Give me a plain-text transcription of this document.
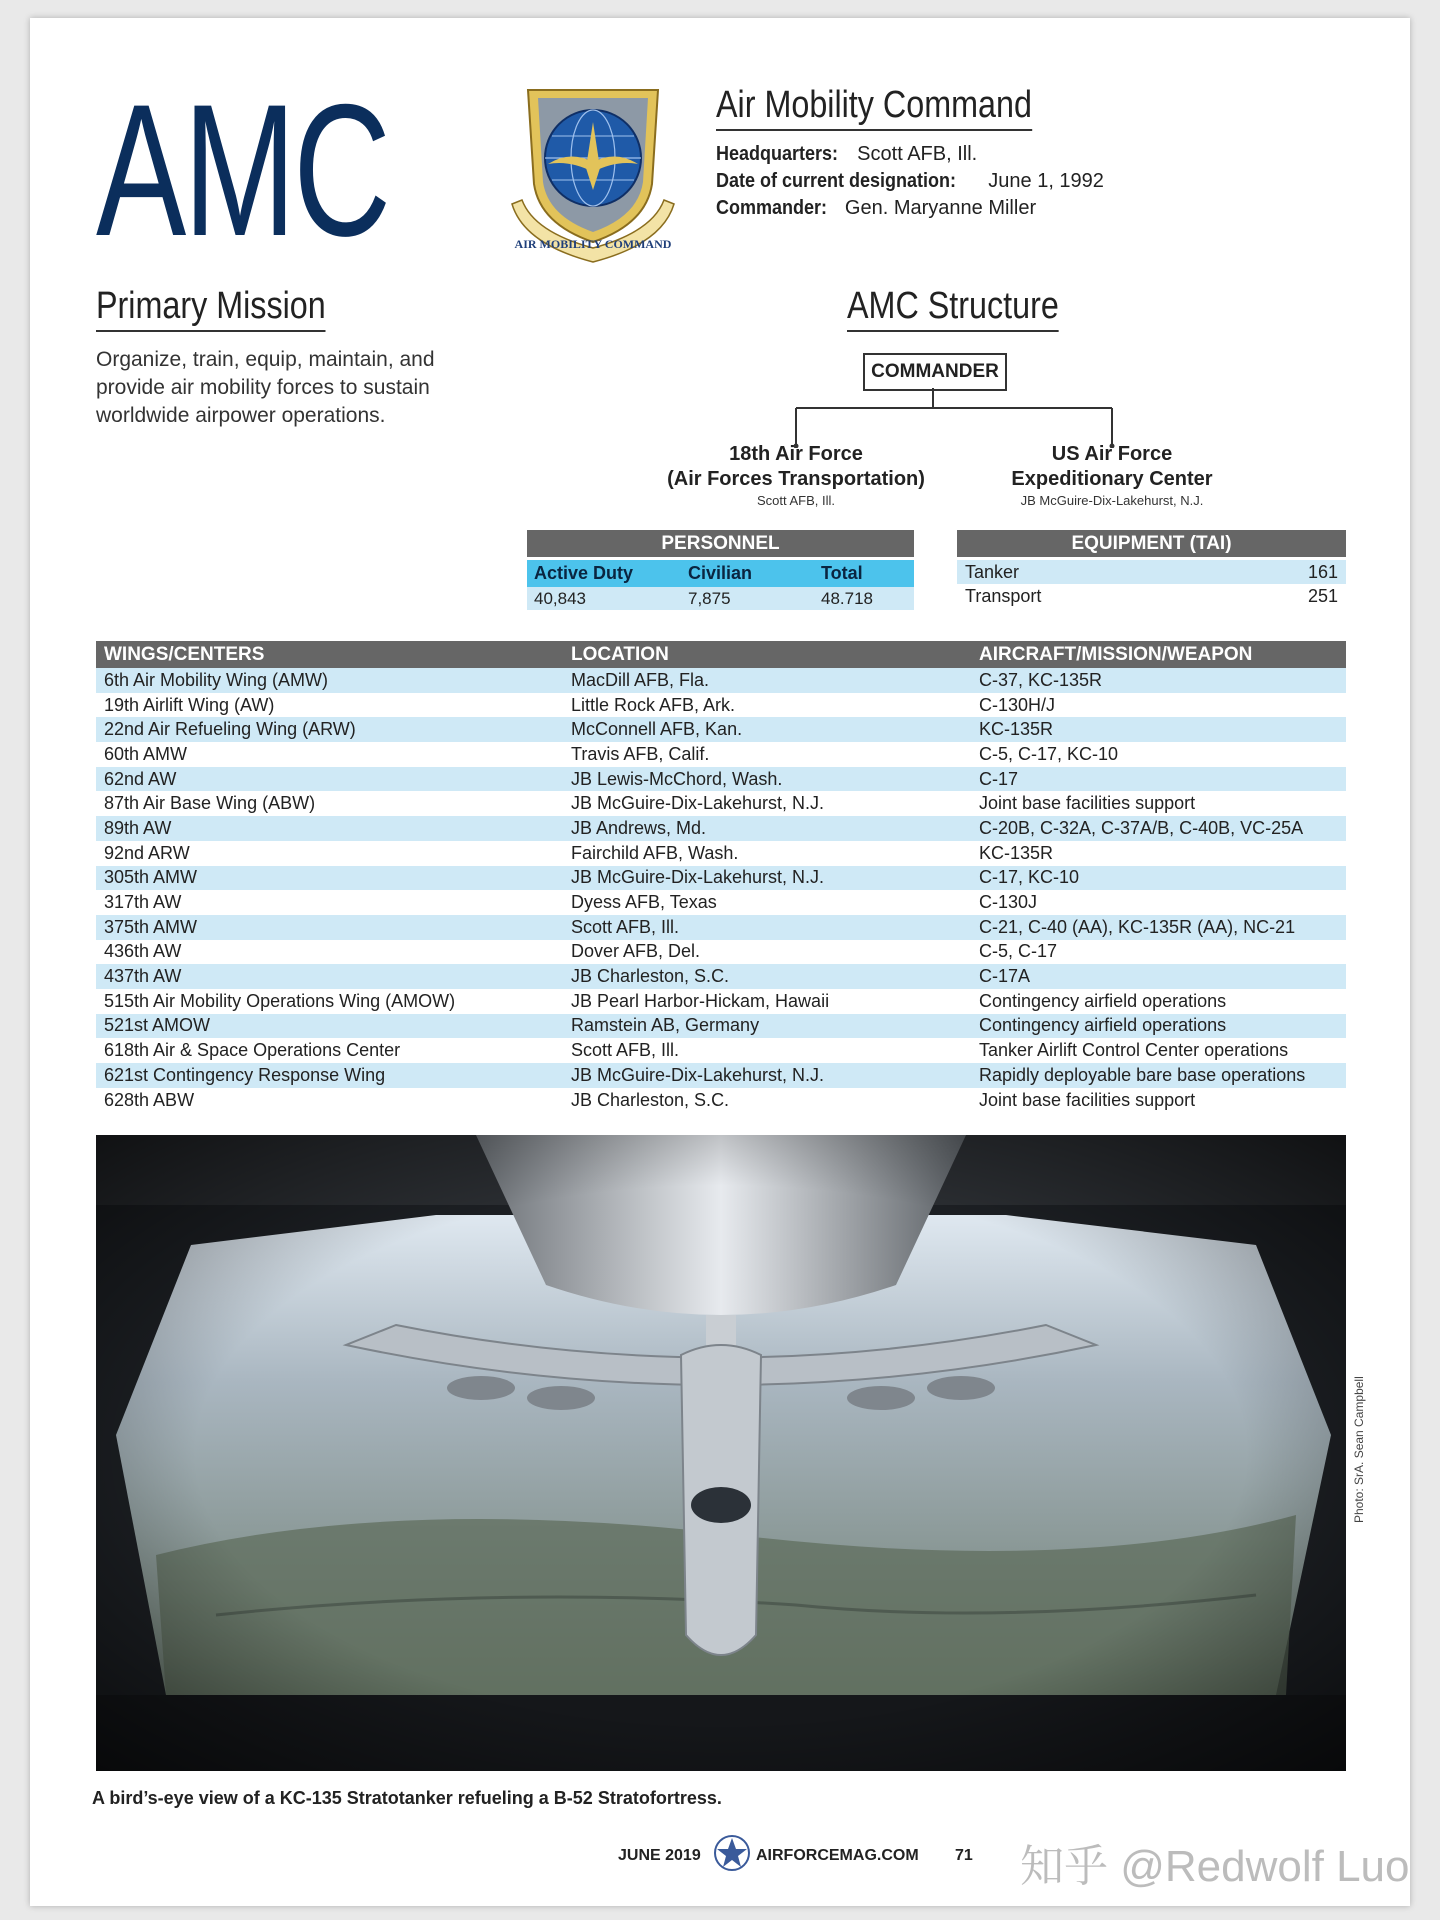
AMC	AIR MOBILITY COMMAND
Air Mobility Command
Headquarters: Scott AFB, Ill.
Date of current designation: June 1, 1992
Commander: Gen. Maryanne Miller
Primary Mission
Organize, train, equip, maintain, and provide air mobility forces to sustain worldwide airpower operations.
AMC Structure
COMMANDER
18th Air Force
(Air Forces Transportation)
Scott AFB, Ill.
US Air Force
Expeditionary Center
JB McGuire-Dix-Lakehurst, N.J.
PERSONNEL
Active Duty	Civilian	Total
40,843	7,875	48.718
EQUIPMENT (TAI)
Tanker	161
Transport	251
WINGS/CENTERS	LOCATION	AIRCRAFT/MISSION/WEAPON
6th Air Mobility Wing (AMW)	MacDill AFB, Fla.	C-37, KC-135R
19th Airlift Wing (AW)	Little Rock AFB, Ark.	C-130H/J
22nd Air Refueling Wing (ARW)	McConnell AFB, Kan.	KC-135R
60th AMW	Travis AFB, Calif.	C-5, C-17, KC-10
62nd AW	JB Lewis-McChord, Wash.	C-17
87th Air Base Wing (ABW)	JB McGuire-Dix-Lakehurst, N.J.	Joint base facilities support
89th AW	JB Andrews, Md.	C-20B, C-32A, C-37A/B, C-40B, VC-25A
92nd ARW	Fairchild AFB, Wash.	KC-135R
305th AMW	JB McGuire-Dix-Lakehurst, N.J.	C-17, KC-10
317th AW	Dyess AFB, Texas	C-130J
375th AMW	Scott AFB, Ill.	C-21, C-40 (AA), KC-135R (AA), NC-21
436th AW	Dover AFB, Del.	C-5, C-17
437th AW	JB Charleston, S.C.	C-17A
515th Air Mobility Operations Wing (AMOW)	JB Pearl Harbor-Hickam, Hawaii	Contingency airfield operations
521st AMOW	Ramstein AB, Germany	Contingency airfield operations
618th Air & Space Operations Center	Scott AFB, Ill.	Tanker Airlift Control Center operations
621st Contingency Response Wing	JB McGuire-Dix-Lakehurst, N.J.	Rapidly deployable bare base operations
628th ABW	JB Charleston, S.C.	Joint base facilities support
Photo: SrA. Sean Campbell
A bird’s-eye view of a KC-135 Stratotanker refueling a B-52 Stratofortress.
JUNE 2019	AIRFORCEMAG.COM 71 知乎 @Redwolf Luo
